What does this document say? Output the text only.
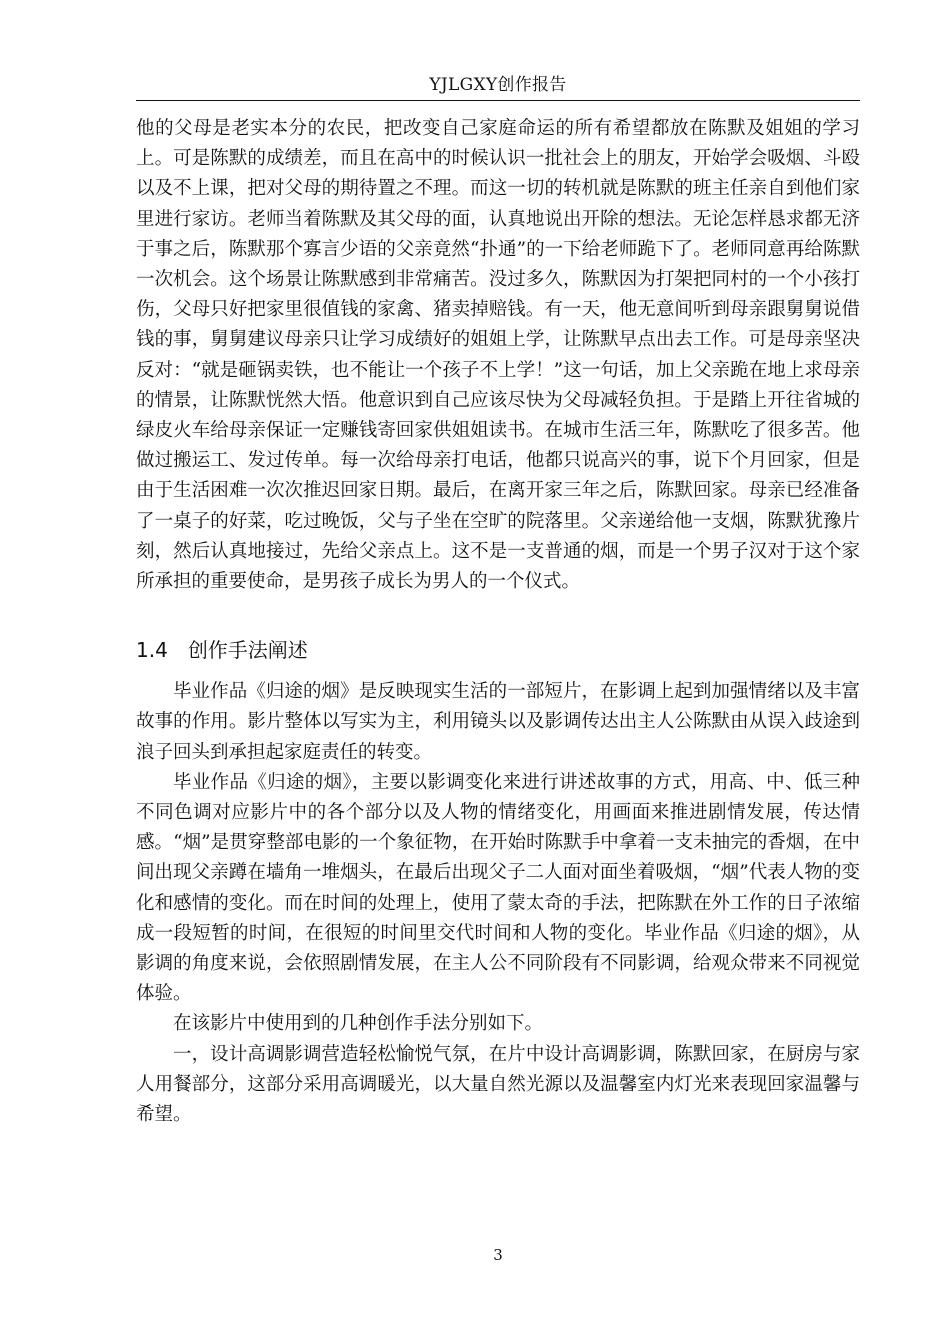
YJLGXY创作报告

他的父母是老实本分的农民，把改变自己家庭命运的所有希望都放在陈默及姐姐的学习上。可是陈默的成绩差，而且在高中的时候认识一批社会上的朋友，开始学会吸烟、斗殴以及不上课，把对父母的期待置之不理。而这一切的转机就是陈默的班主任亲自到他们家里进行家访。老师当着陈默及其父母的面，认真地说出开除的想法。无论怎样恳求都无济于事之后，陈默那个寡言少语的父亲竟然“扑通”的一下给老师跪下了。老师同意再给陈默一次机会。这个场景让陈默感到非常痛苦。没过多久，陈默因为打架把同村的一个小孩打伤，父母只好把家里很值钱的家禽、猪卖掉赔钱。有一天，他无意间听到母亲跟舅舅说借钱的事，舅舅建议母亲只让学习成绩好的姐姐上学，让陈默早点出去工作。可是母亲坚决反对：“就是砸锅卖铁，也不能让一个孩子不上学！”这一句话，加上父亲跪在地上求母亲的情景，让陈默恍然大悟。他意识到自己应该尽快为父母减轻负担。于是踏上开往省城的绿皮火车给母亲保证一定赚钱寄回家供姐姐读书。在城市生活三年，陈默吃了很多苦。他做过搬运工、发过传单。每一次给母亲打电话，他都只说高兴的事，说下个月回家，但是由于生活困难一次次推迟回家日期。最后，在离开家三年之后，陈默回家。母亲已经准备了一桌子的好菜，吃过晚饭，父与子坐在空旷的院落里。父亲递给他一支烟，陈默犹豫片刻，然后认真地接过，先给父亲点上。这不是一支普通的烟，而是一个男子汉对于这个家所承担的重要使命，是男孩子成长为男人的一个仪式。

1.4 创作手法阐述

毕业作品《归途的烟》是反映现实生活的一部短片，在影调上起到加强情绪以及丰富故事的作用。影片整体以写实为主，利用镜头以及影调传达出主人公陈默由从误入歧途到浪子回头到承担起家庭责任的转变。

毕业作品《归途的烟》，主要以影调变化来进行讲述故事的方式，用高、中、低三种不同色调对应影片中的各个部分以及人物的情绪变化，用画面来推进剧情发展，传达情感。“烟”是贯穿整部电影的一个象征物，在开始时陈默手中拿着一支未抽完的香烟，在中间出现父亲蹲在墙角一堆烟头，在最后出现父子二人面对面坐着吸烟，“烟”代表人物的变化和感情的变化。而在时间的处理上，使用了蒙太奇的手法，把陈默在外工作的日子浓缩成一段短暂的时间，在很短的时间里交代时间和人物的变化。毕业作品《归途的烟》，从影调的角度来说，会依照剧情发展，在主人公不同阶段有不同影调，给观众带来不同视觉体验。

在该影片中使用到的几种创作手法分别如下。

一，设计高调影调营造轻松愉悦气氛，在片中设计高调影调，陈默回家，在厨房与家人用餐部分，这部分采用高调暖光，以大量自然光源以及温馨室内灯光来表现回家温馨与希望。

3
